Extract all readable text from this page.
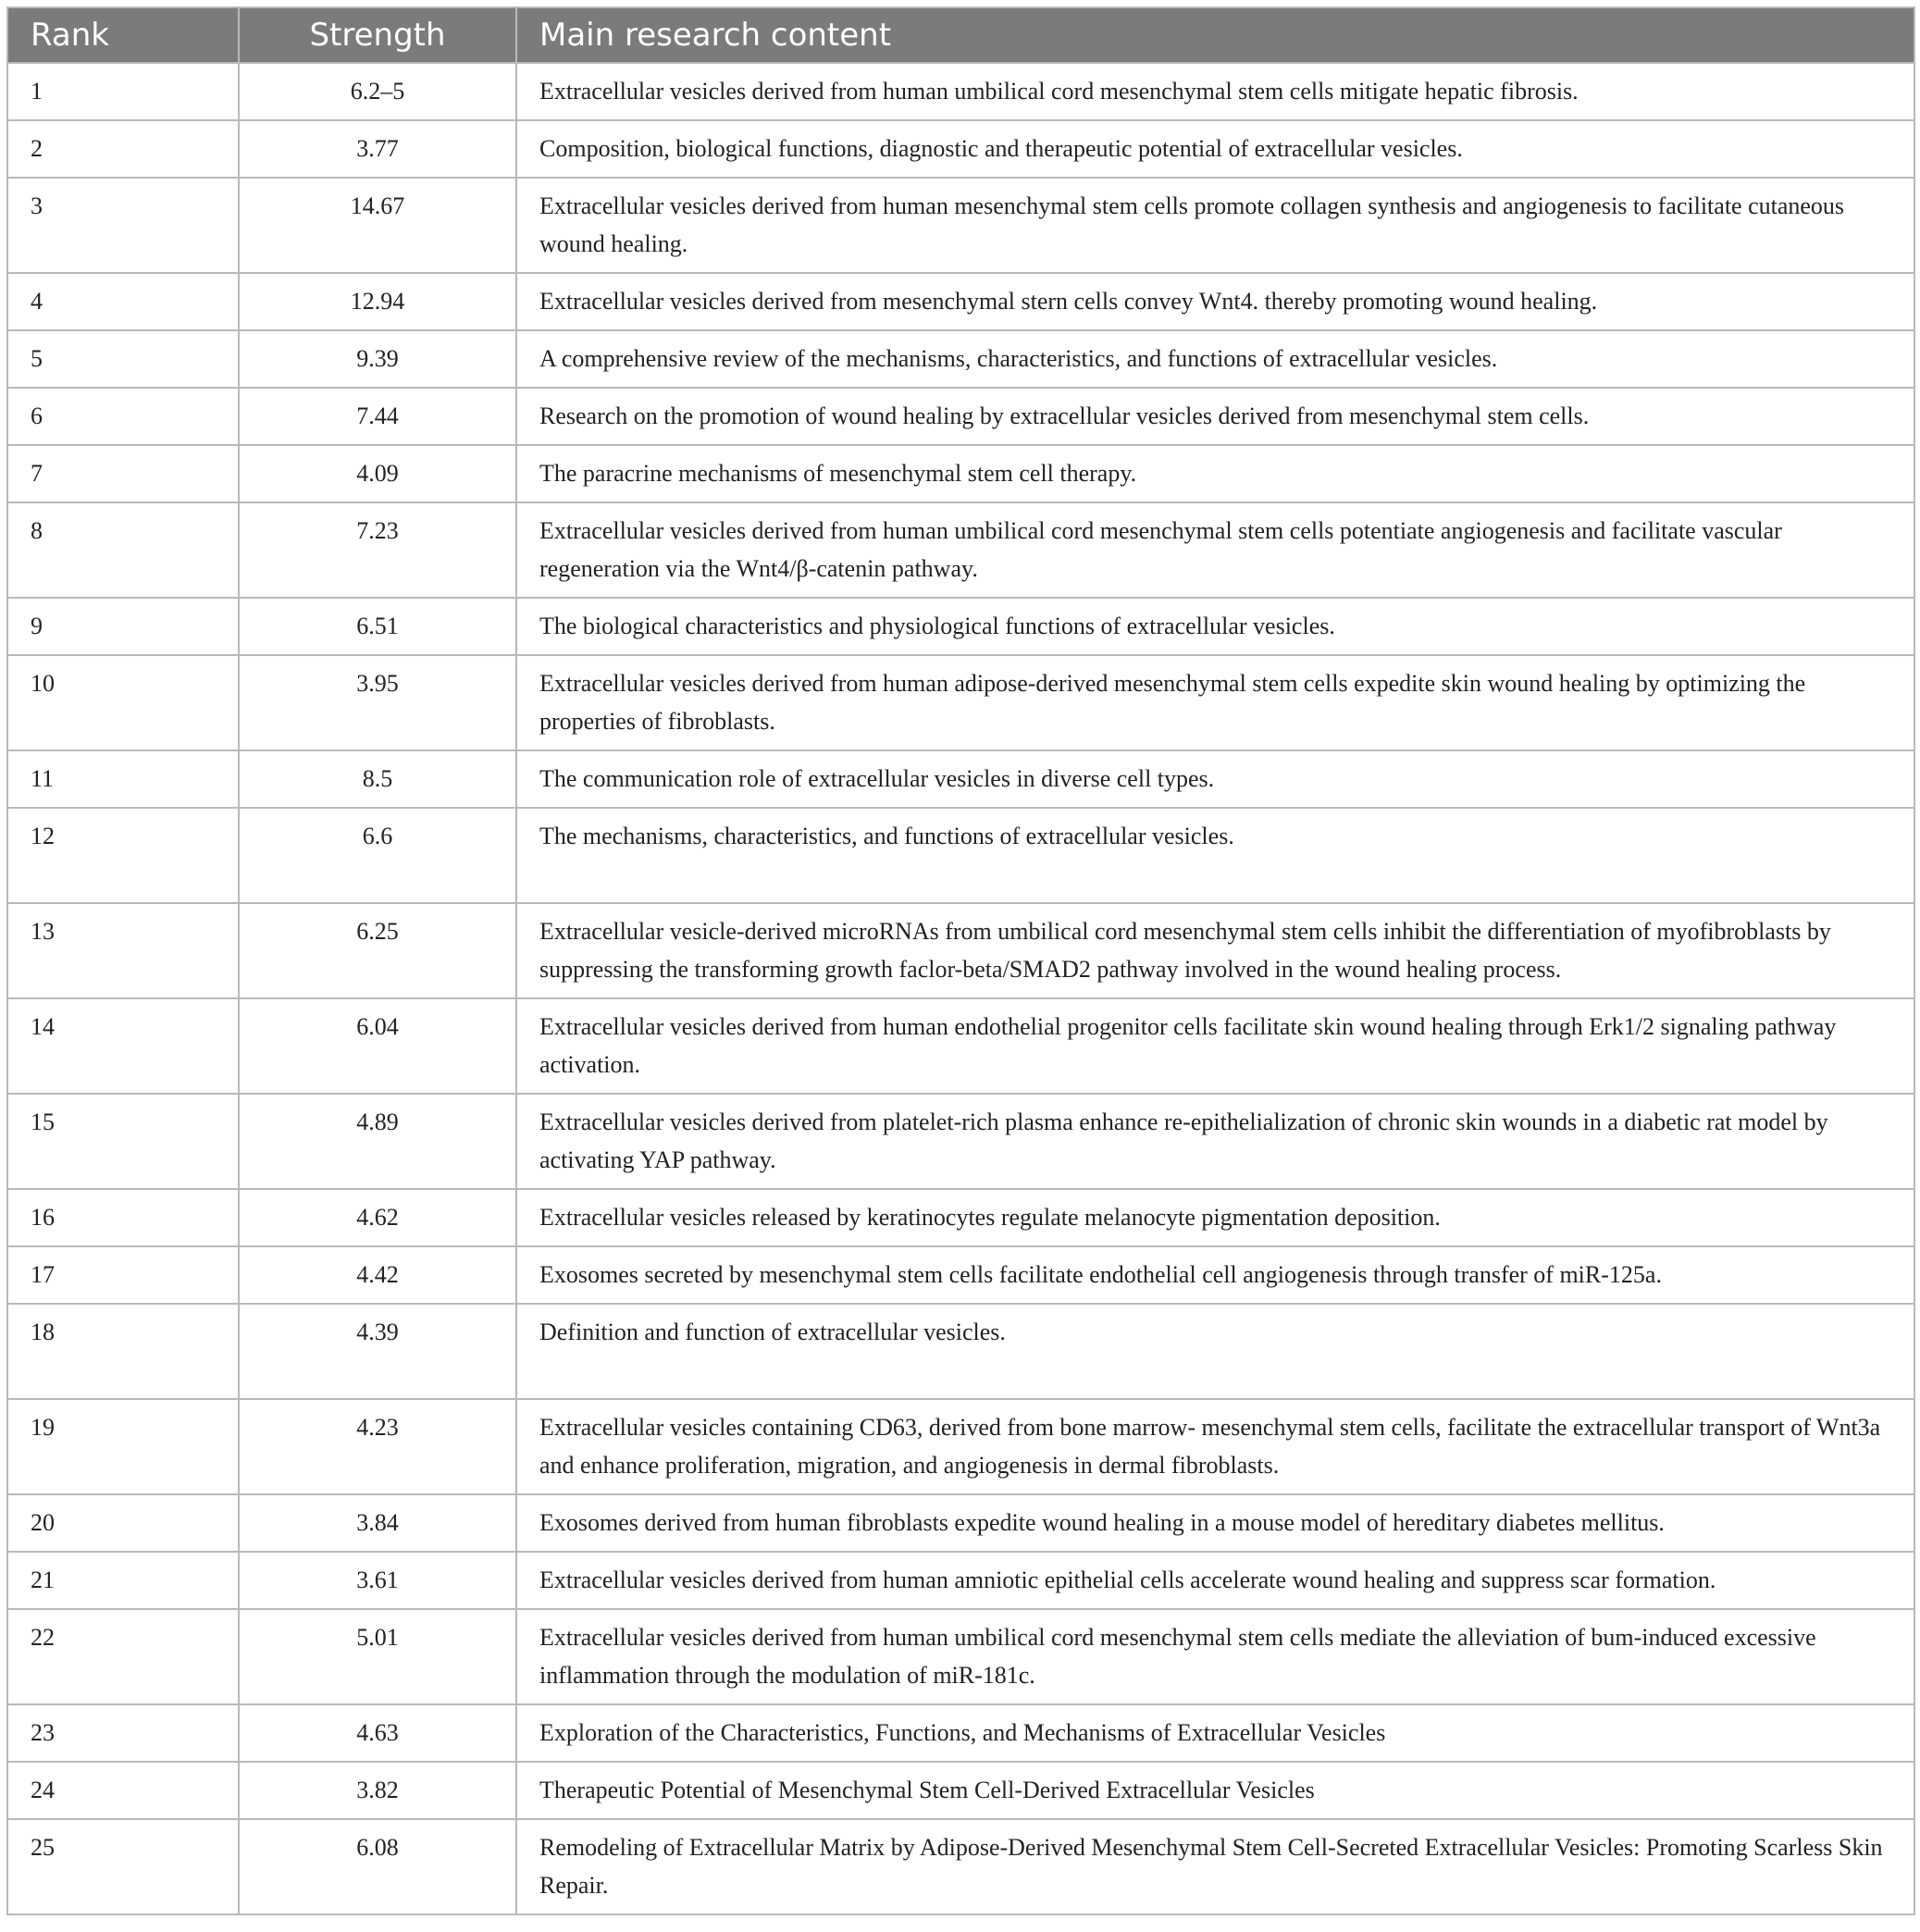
Rank	Strength	Main research content
1	6.2–5	Extracellular vesicles derived from human umbilical cord mesenchymal stem cells mitigate hepatic fibrosis.
2	3.77	Composition, biological functions, diagnostic and therapeutic potential of extracellular vesicles.
3	14.67	Extracellular vesicles derived from human mesenchymal stem cells promote collagen synthesis and angiogenesis to facilitate cutaneous wound healing.
4	12.94	Extracellular vesicles derived from mesenchymal stern cells convey Wnt4. thereby promoting wound healing.
5	9.39	A comprehensive review of the mechanisms, characteristics, and functions of extracellular vesicles.
6	7.44	Research on the promotion of wound healing by extracellular vesicles derived from mesenchymal stem cells.
7	4.09	The paracrine mechanisms of mesenchymal stem cell therapy.
8	7.23	Extracellular vesicles derived from human umbilical cord mesenchymal stem cells potentiate angiogenesis and facilitate vascular regeneration via the Wnt4/β-catenin pathway.
9	6.51	The biological characteristics and physiological functions of extracellular vesicles.
10	3.95	Extracellular vesicles derived from human adipose-derived mesenchymal stem cells expedite skin wound healing by optimizing the properties of fibroblasts.
11	8.5	The communication role of extracellular vesicles in diverse cell types.
12	6.6	The mechanisms, characteristics, and functions of extracellular vesicles.
13	6.25	Extracellular vesicle-derived microRNAs from umbilical cord mesenchymal stem cells inhibit the differentiation of myofibroblasts by suppressing the transforming growth faclor-beta/SMAD2 pathway involved in the wound healing process.
14	6.04	Extracellular vesicles derived from human endothelial progenitor cells facilitate skin wound healing through Erk1/2 signaling pathway activation.
15	4.89	Extracellular vesicles derived from platelet-rich plasma enhance re-epithelialization of chronic skin wounds in a diabetic rat model by activating YAP pathway.
16	4.62	Extracellular vesicles released by keratinocytes regulate melanocyte pigmentation deposition.
17	4.42	Exosomes secreted by mesenchymal stem cells facilitate endothelial cell angiogenesis through transfer of miR-125a.
18	4.39	Definition and function of extracellular vesicles.
19	4.23	Extracellular vesicles containing CD63, derived from bone marrow- mesenchymal stem cells, facilitate the extracellular transport of Wnt3a and enhance proliferation, migration, and angiogenesis in dermal fibroblasts.
20	3.84	Exosomes derived from human fibroblasts expedite wound healing in a mouse model of hereditary diabetes mellitus.
21	3.61	Extracellular vesicles derived from human amniotic epithelial cells accelerate wound healing and suppress scar formation.
22	5.01	Extracellular vesicles derived from human umbilical cord mesenchymal stem cells mediate the alleviation of bum-induced excessive inflammation through the modulation of miR-181c.
23	4.63	Exploration of the Characteristics, Functions, and Mechanisms of Extracellular Vesicles
24	3.82	Therapeutic Potential of Mesenchymal Stem Cell-Derived Extracellular Vesicles
25	6.08	Remodeling of Extracellular Matrix by Adipose-Derived Mesenchymal Stem Cell-Secreted Extracellular Vesicles: Promoting Scarless Skin Repair.
